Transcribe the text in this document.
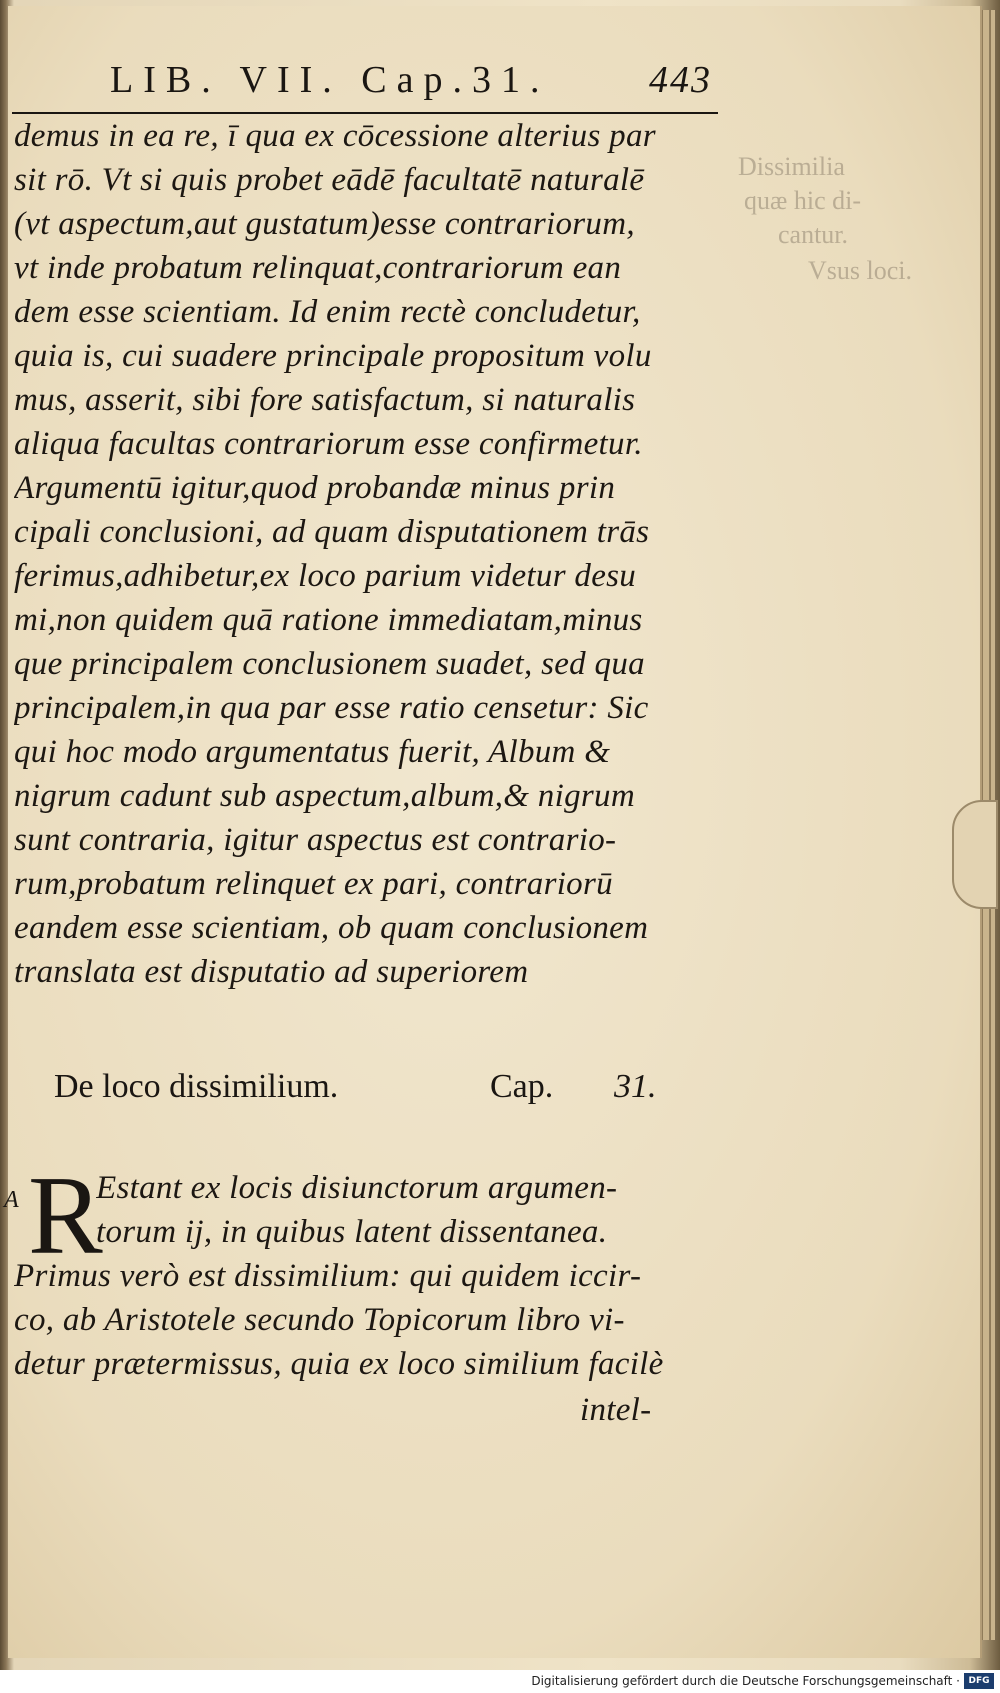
Dissimilia
quæ hic di-
cantur.
Vsus loci.
LIB. VII. Cap.31.	443
demus in ea re, ī qua ex cōcessione alterius par
sit rō. Vt si quis probet eādē facultatē naturalē
(vt aspectum,aut gustatum)esse contrariorum,
vt inde probatum relinquat,contrariorum ean
dem esse scientiam. Id enim rectè concludetur,
quia is, cui suadere principale propositum volu
mus, asserit, sibi fore satisfactum, si naturalis
aliqua facultas contrariorum esse confirmetur.
Argumentū igitur,quod probandæ minus prin
cipali conclusioni, ad quam disputationem trās
ferimus,adhibetur,ex loco parium videtur desu
mi,non quidem quā ratione immediatam,minus
que principalem conclusionem suadet, sed qua
principalem,in qua par esse ratio censetur: Sic
qui hoc modo argumentatus fuerit, Album &
nigrum cadunt sub aspectum,album,& nigrum
sunt contraria, igitur aspectus est contrario-
rum,probatum relinquet ex pari, contrariorū
eandem esse scientiam, ob quam conclusionem
translata est disputatio ad superiorem
De loco dissimilium.	Cap. 31.
A R
Estant ex locis disiunctorum argumen-
torum ij, in quibus latent dissentanea.
Primus verò est dissimilium: qui quidem iccir-
co, ab Aristotele secundo Topicorum libro vi-
detur prætermissus, quia ex loco similium facilè
intel-
Digitalisierung gefördert durch die Deutsche Forschungsgemeinschaft · DFG
